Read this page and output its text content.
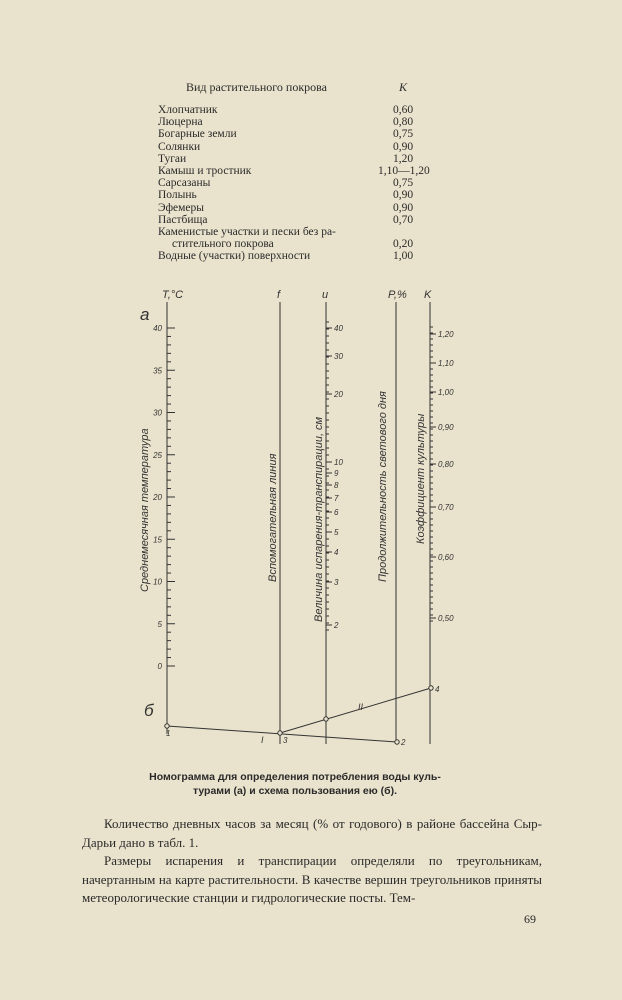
Вид растительного покрова	K
Хлопчатник	0,60
Люцерна	0,80
Богарные земли	0,75
Солянки	0,90
Тугаи	1,20
Камыш и тростник	1,10—1,20
Сарсазаны	0,75
Полынь	0,90
Эфемеры	0,90
Пастбища	0,70
Каменистые участки и пески без ра-
стительного покрова	0,20
Водные (участки) поверхности	1,00
40
35
30
25
20
15
10
5
0
40
30
20
10
9
8
7
6
5
4
3
2
1,20
1,10
1,00
0,90
0,80
0,70
0,60
0,50
T,°C	f	u	P,% K
а
б
Среднемесячная температура	Вспомогательная линия	Величина испарения-транспирации, см	Продолжительность светового дня Коэффициент культуры
1
2
3
4
I
II
Номограмма для определения потребления воды куль-
турами (а) и схема пользования ею (б).

Количество дневных часов за месяц (% от годового) в районе бассейна Сыр-Дарьи дано в табл. 1.

Размеры испарения и транспирации определяли по треугольникам, начертанным на карте растительности. В качестве вершин треугольников приняты метеорологические станции и гидрологические посты. Тем-

69
